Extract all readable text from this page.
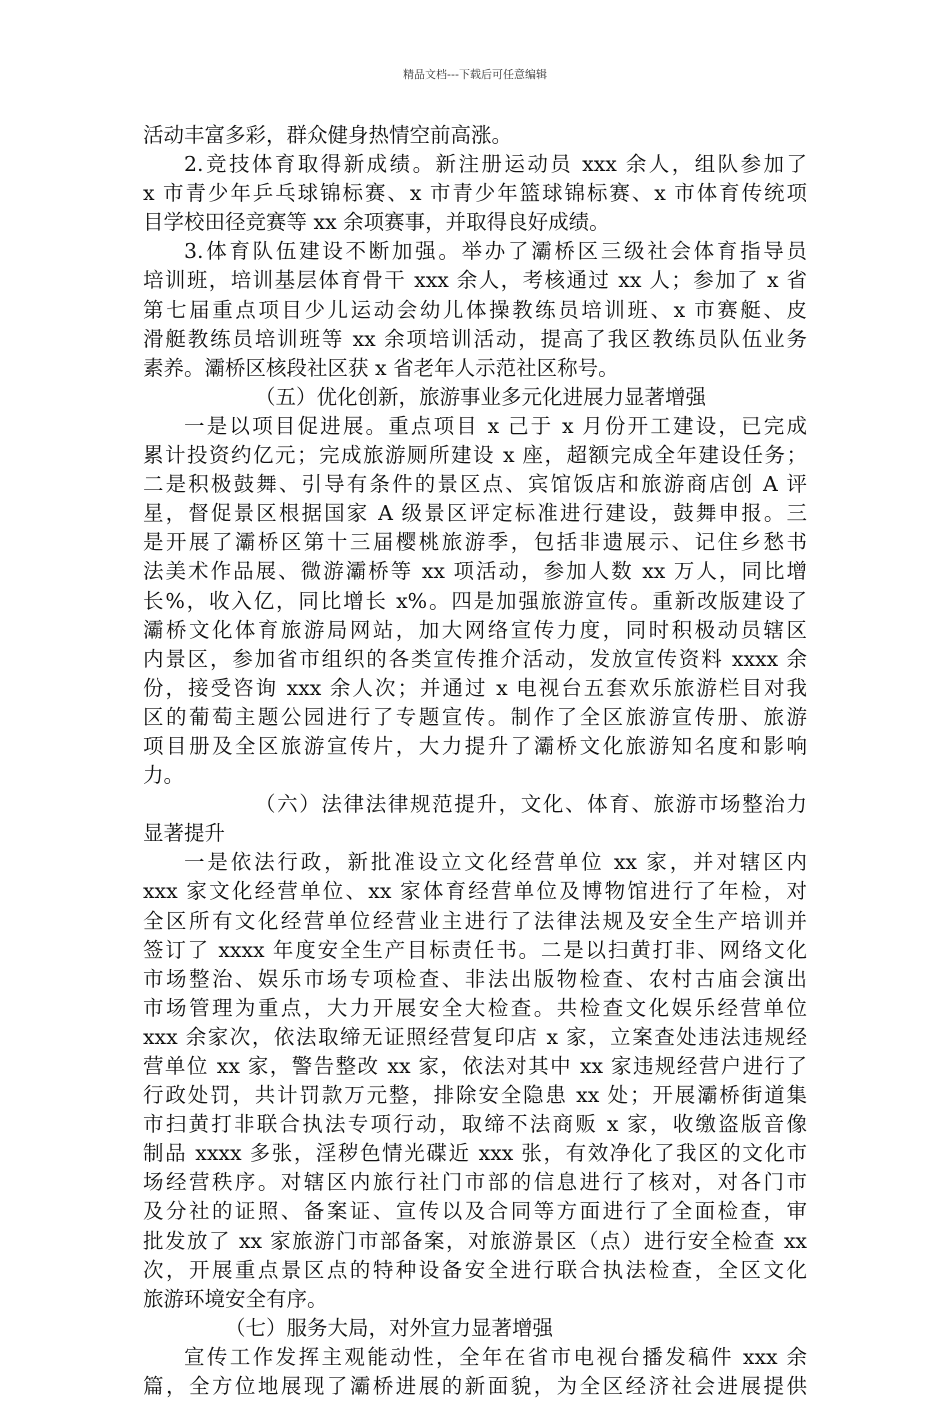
精品文档---下载后可任意编辑
活动丰富多彩，群众健身热情空前高涨。
2.竞技体育取得新成绩。新注册运动员 xxx 余人，组队参加了
x 市青少年乒乓球锦标赛、x 市青少年篮球锦标赛、x 市体育传统项
目学校田径竞赛等 xx 余项赛事，并取得良好成绩。
3.体育队伍建设不断加强。举办了灞桥区三级社会体育指导员
培训班，培训基层体育骨干 xxx 余人，考核通过 xx 人；参加了 x 省
第七届重点项目少儿运动会幼儿体操教练员培训班、x 市赛艇、皮
滑艇教练员培训班等 xx 余项培训活动，提高了我区教练员队伍业务
素养。灞桥区核段社区获 x 省老年人示范社区称号。
（五）优化创新，旅游事业多元化进展力显著增强
一是以项目促进展。重点项目 x 己于 x 月份开工建设，已完成
累计投资约亿元；完成旅游厕所建设 x 座，超额完成全年建设任务；
二是积极鼓舞、引导有条件的景区点、宾馆饭店和旅游商店创 A 评
星，督促景区根据国家 A 级景区评定标准进行建设，鼓舞申报。三
是开展了灞桥区第十三届樱桃旅游季，包括非遗展示、记住乡愁书
法美术作品展、微游灞桥等 xx 项活动，参加人数 xx 万人，同比增
长%，收入亿，同比增长 x%。四是加强旅游宣传。重新改版建设了
灞桥文化体育旅游局网站，加大网络宣传力度，同时积极动员辖区
内景区，参加省市组织的各类宣传推介活动，发放宣传资料 xxxx 余
份，接受咨询 xxx 余人次；并通过 x 电视台五套欢乐旅游栏目对我
区的葡萄主题公园进行了专题宣传。制作了全区旅游宣传册、旅游
项目册及全区旅游宣传片，大力提升了灞桥文化旅游知名度和影响
力。
（六）法律法律规范提升，文化、体育、旅游市场整治力
显著提升
一是依法行政，新批准设立文化经营单位 xx 家，并对辖区内
xxx 家文化经营单位、xx 家体育经营单位及博物馆进行了年检，对
全区所有文化经营单位经营业主进行了法律法规及安全生产培训并
签订了 xxxx 年度安全生产目标责任书。二是以扫黄打非、网络文化
市场整治、娱乐市场专项检查、非法出版物检查、农村古庙会演出
市场管理为重点，大力开展安全大检查。共检查文化娱乐经营单位
xxx 余家次，依法取缔无证照经营复印店 x 家，立案查处违法违规经
营单位 xx 家，警告整改 xx 家，依法对其中 xx 家违规经营户进行了
行政处罚，共计罚款万元整，排除安全隐患 xx 处；开展灞桥街道集
市扫黄打非联合执法专项行动，取缔不法商贩 x 家，收缴盗版音像
制品 xxxx 多张，淫秽色情光碟近 xxx 张，有效净化了我区的文化市
场经营秩序。对辖区内旅行社门市部的信息进行了核对，对各门市
及分社的证照、备案证、宣传以及合同等方面进行了全面检查，审
批发放了 xx 家旅游门市部备案，对旅游景区（点）进行安全检查 xx
次，开展重点景区点的特种设备安全进行联合执法检查，全区文化
旅游环境安全有序。
（七）服务大局，对外宣力显著增强
宣传工作发挥主观能动性，全年在省市电视台播发稿件 xxx 余
篇，全方位地展现了灞桥进展的新面貌，为全区经济社会进展提供
